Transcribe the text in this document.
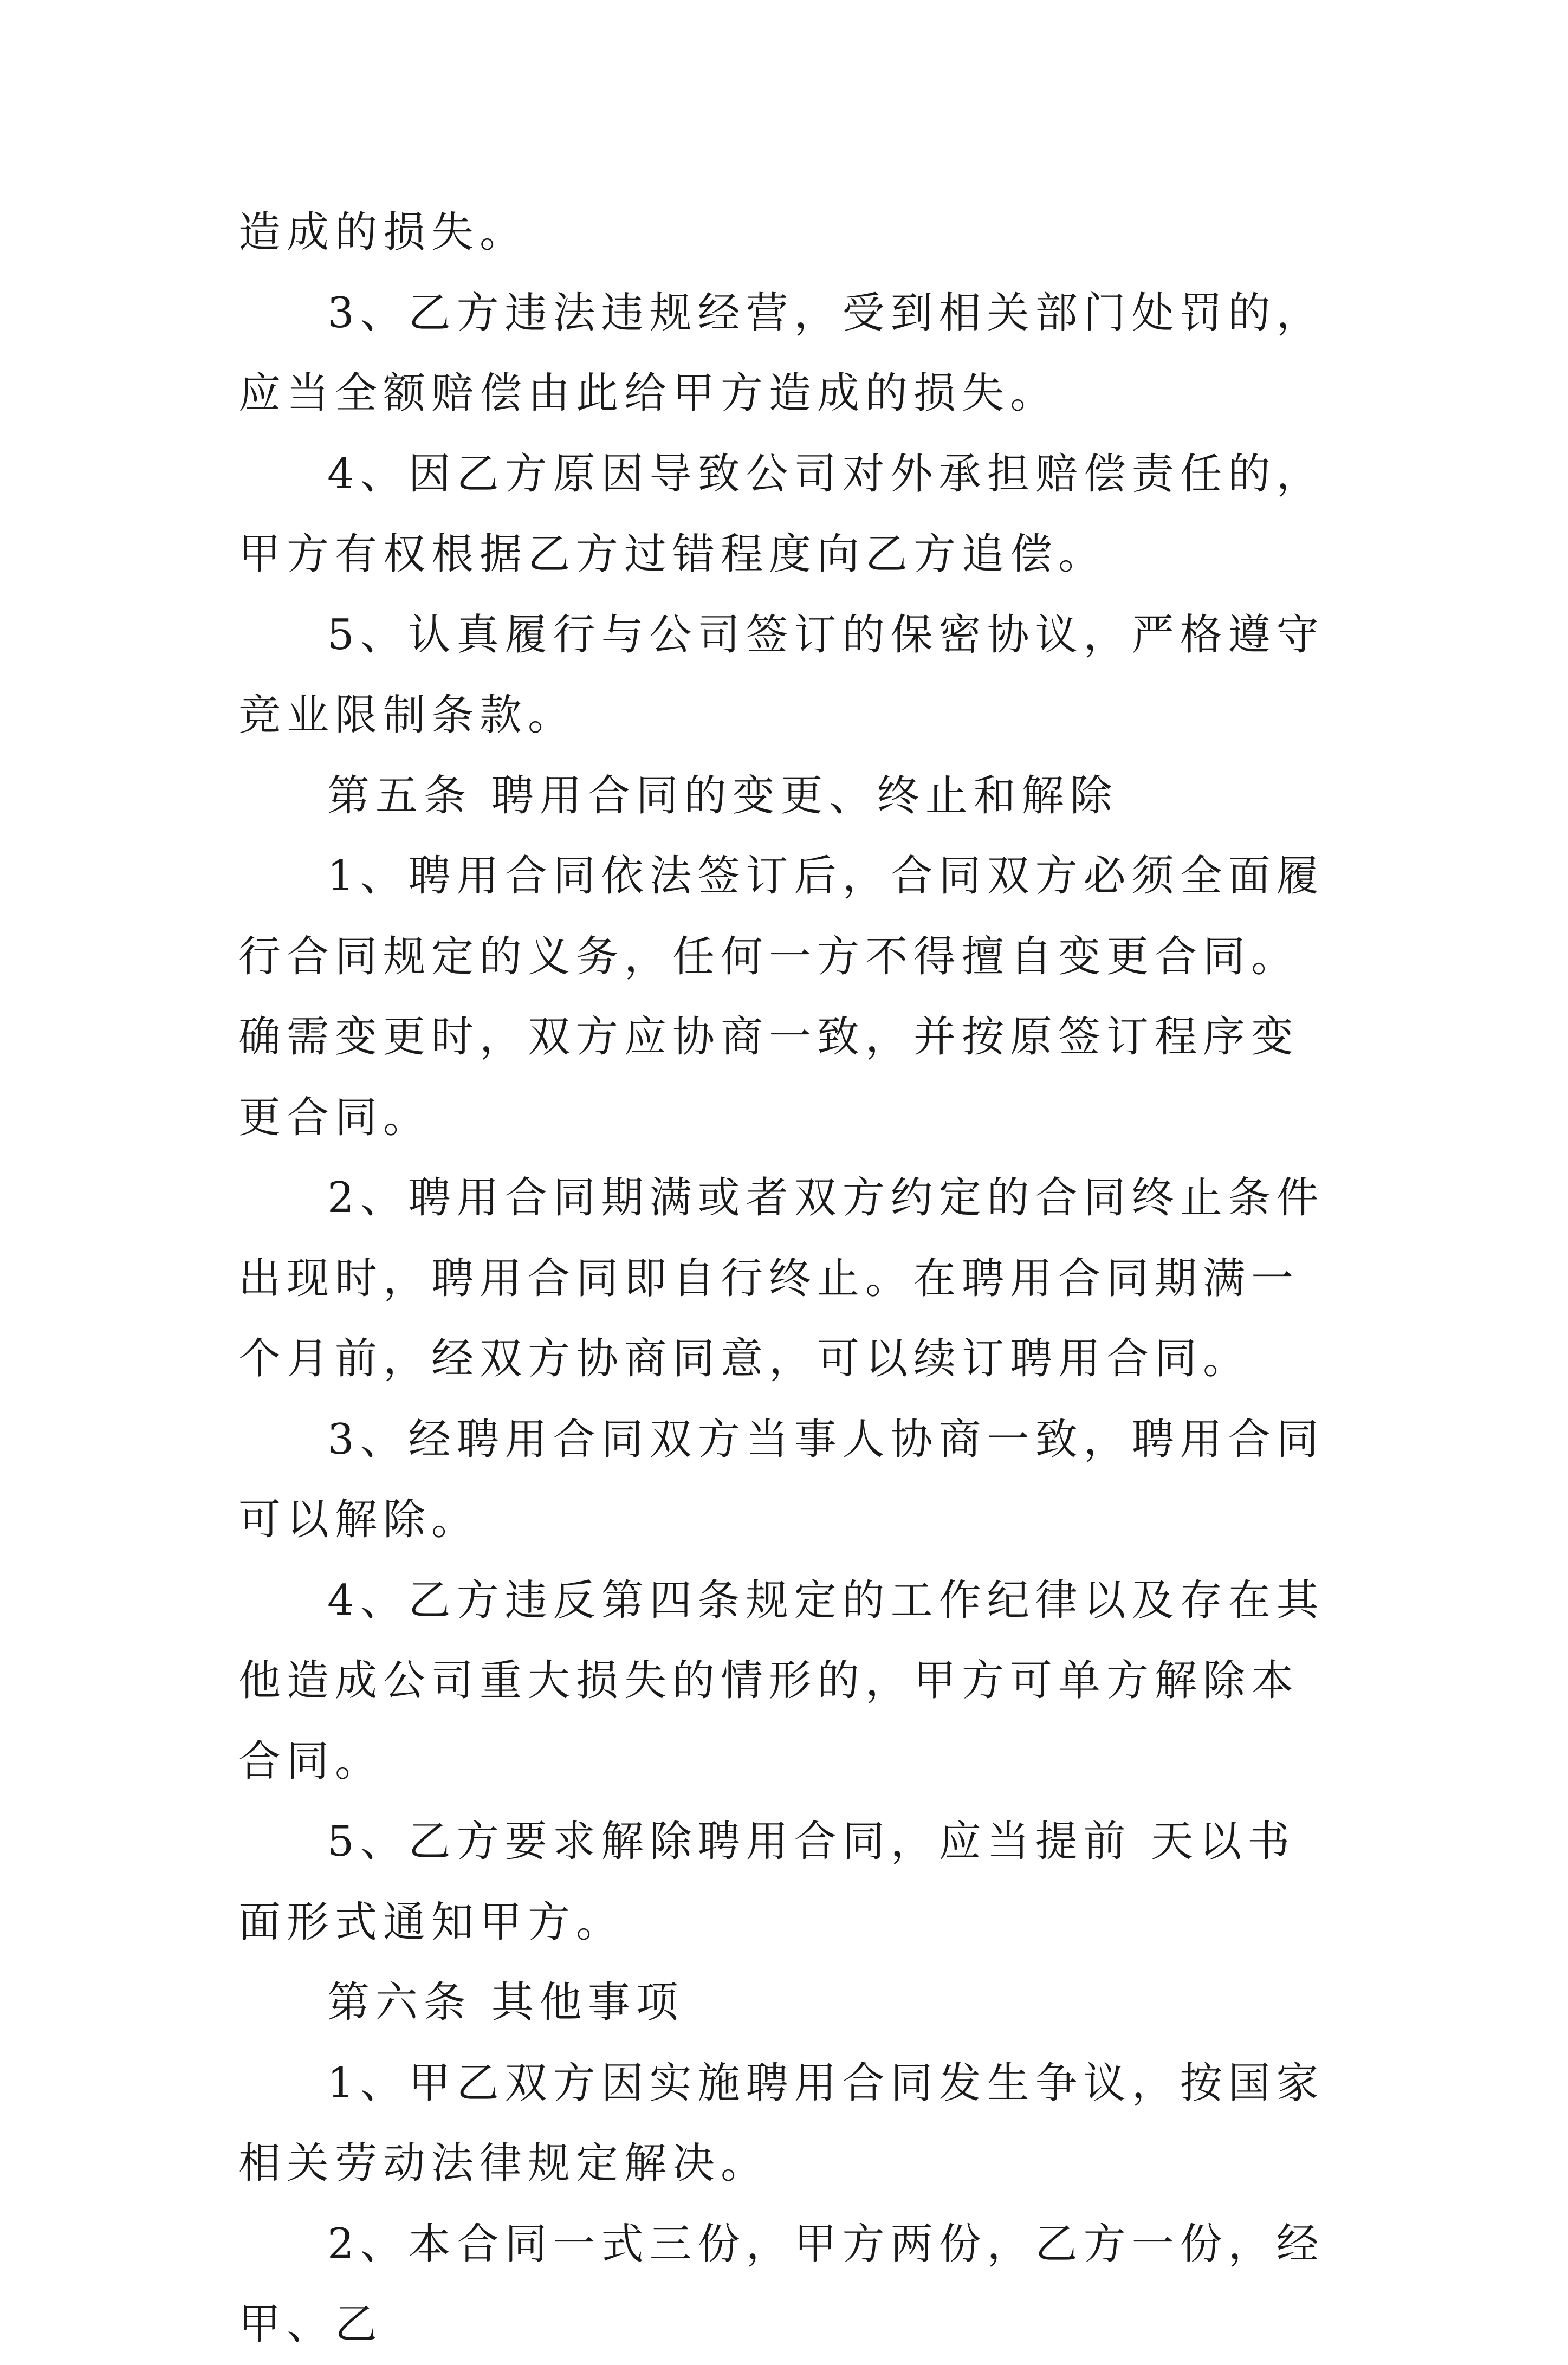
造成的损失。

3、乙方违法违规经营，受到相关部门处罚的，应当全额赔偿由此给甲方造成的损失。

4、因乙方原因导致公司对外承担赔偿责任的，甲方有权根据乙方过错程度向乙方追偿。

5、认真履行与公司签订的保密协议，严格遵守竞业限制条款。

第五条 聘用合同的变更、终止和解除

1、聘用合同依法签订后，合同双方必须全面履行合同规定的义务，任何一方不得擅自变更合同。确需变更时，双方应协商一致，并按原签订程序变更合同。

2、聘用合同期满或者双方约定的合同终止条件出现时，聘用合同即自行终止。在聘用合同期满一个月前，经双方协商同意，可以续订聘用合同。

3、经聘用合同双方当事人协商一致，聘用合同可以解除。

4、乙方违反第四条规定的工作纪律以及存在其他造成公司重大损失的情形的，甲方可单方解除本合同。

5、乙方要求解除聘用合同，应当提前 天以书面形式通知甲方。

第六条 其他事项

1、甲乙双方因实施聘用合同发生争议，按国家相关劳动法律规定解决。

2、本合同一式三份，甲方两份，乙方一份，经甲、乙
